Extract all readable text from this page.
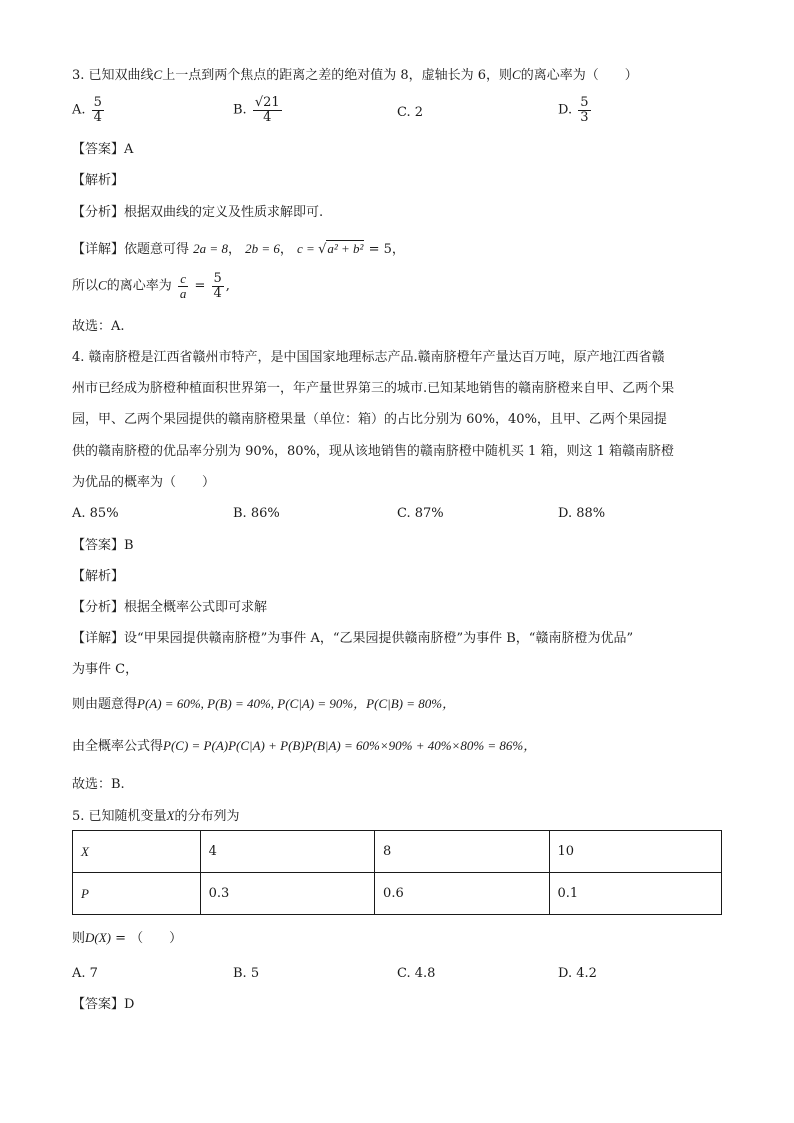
3. 已知双曲线C上一点到两个焦点的距离之差的绝对值为 8，虚轴长为 6，则C的离心率为（　　）
A. $\frac{5}{4}$	B. $\frac{√21}{4}$	C. 2	D. $\frac{5}{3}$
【答案】A
【解析】
【分析】根据双曲线的定义及性质求解即可.
【详解】依题意可得 2a = 8， 2b = 6， c = √a² + b² = 5，
所以C的离心率为 $\frac{c}{a} = \frac{5}{4}$ ,
故选：A.
4. 赣南脐橙是江西省赣州市特产，是中国国家地理标志产品.赣南脐橙年产量达百万吨，原产地江西省赣
州市已经成为脐橙种植面积世界第一，年产量世界第三的城市.已知某地销售的赣南脐橙来自甲、乙两个果
园，甲、乙两个果园提供的赣南脐橙果量（单位：箱）的占比分别为 60%，40%，且甲、乙两个果园提
供的赣南脐橙的优品率分别为 90%，80%，现从该地销售的赣南脐橙中随机买 1 箱，则这 1 箱赣南脐橙
为优品的概率为（　　）
A. 85%	B. 86%	C. 87%	D. 88%
【答案】B
【解析】
【分析】根据全概率公式即可求解
【详解】设“甲果园提供赣南脐橙”为事件 A，“乙果园提供赣南脐橙”为事件 B，“赣南脐橙为优品”
为事件 C，
则由题意得P(A) = 60%, P(B) = 40%, P(C|A) = 90%，P(C|B) = 80%，
由全概率公式得P(C) = P(A)P(C|A) + P(B)P(B|A) = 60%×90% + 40%×80% = 86%，
故选：B.
5. 已知随机变量X的分布列为
X	4	8	10
P	0.3	0.6	0.1
则D(X) = （　　）
A. 7	B. 5	C. 4.8	D. 4.2
【答案】D
